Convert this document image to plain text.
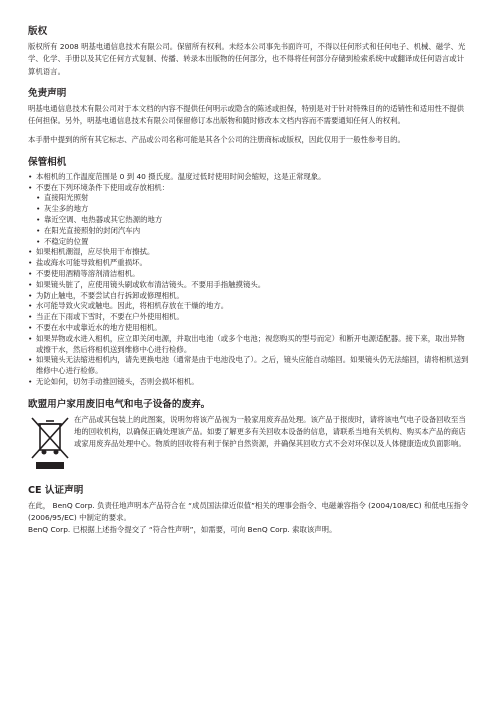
版权

版权所有 2008 明基电通信息技术有限公司。保留所有权利。未经本公司事先书面许可，不得以任何形式和任何电子、机械、磁学、光学、化学、手册以及其它任何方式复制、传播、转录本出版物的任何部分，也不得将任何部分存储到检索系统中或翻译成任何语言或计算机语言。

免责声明

明基电通信息技术有限公司对于本文档的内容不提供任何明示或隐含的陈述或担保，特别是对于针对特殊目的的适销性和适用性不提供任何担保。另外，明基电通信息技术有限公司保留修订本出版物和随时修改本文档内容而不需要通知任何人的权利。

本手册中提到的所有其它标志、产品或公司名称可能是其各个公司的注册商标或版权，因此仅用于一般性参考目的。

保管相机
• 本相机的工作温度范围是 0 到 40 摄氏度。温度过低时使用时间会缩短，这是正常现象。
• 不要在下列环境条件下使用或存放相机：
• 直接阳光照射
• 灰尘多的地方
• 靠近空调、电热器或其它热源的地方
• 在阳光直接照射的封闭汽车内
• 不稳定的位置
• 如果相机潮湿，应尽快用干布擦拭。
• 盐或海水可能导致相机严重损坏。
• 不要使用酒精等溶剂清洁相机。
• 如果镜头脏了，应使用镜头刷或软布清洁镜头。不要用手指触摸镜头。
• 为防止触电，不要尝试自行拆卸或修理相机。
• 水可能导致火灾或触电。因此，将相机存放在干燥的地方。
• 当正在下雨或下雪时，不要在户外使用相机。
• 不要在水中或靠近水的地方使用相机。
• 如果异物或水进入相机，应立即关闭电源，并取出电池（或多个电池；视您购买的型号而定）和断开电源适配器。接下来，取出异物或擦干水，然后将相机送到维修中心进行检修。
• 如果镜头无法缩进相机内，请先更换电池（通常是由于电池没电了）。之后，镜头应能自动缩回。如果镜头仍无法缩回，请将相机送到维修中心进行检修。
• 无论如何，切勿手动推回镜头，否则会损坏相机。
欧盟用户家用废旧电气和电子设备的废弃。
在产品或其包装上的此图案，说明勿将该产品视为一般家用废弃品处理。该产品于报废时，请将该电气电子设备回收至当地的回收机构，以确保正确处理该产品。如要了解更多有关回收本设备的信息，请联系当地有关机构、购买本产品的商店或家用废弃品处理中心。物质的回收将有利于保护自然资源，并确保其回收方式不会对环保以及人体健康造成负面影响。
CE 认证声明

在此， BenQ Corp. 负责任地声明本产品符合在 “成员国法律近似值”相关的理事会指令、电磁兼容指令 (2004/108/EC) 和低电压指令 (2006/95/EC) 中制定的要求。

BenQ Corp. 已根据上述指令提交了 “符合性声明”，如需要，可向 BenQ Corp. 索取该声明。
